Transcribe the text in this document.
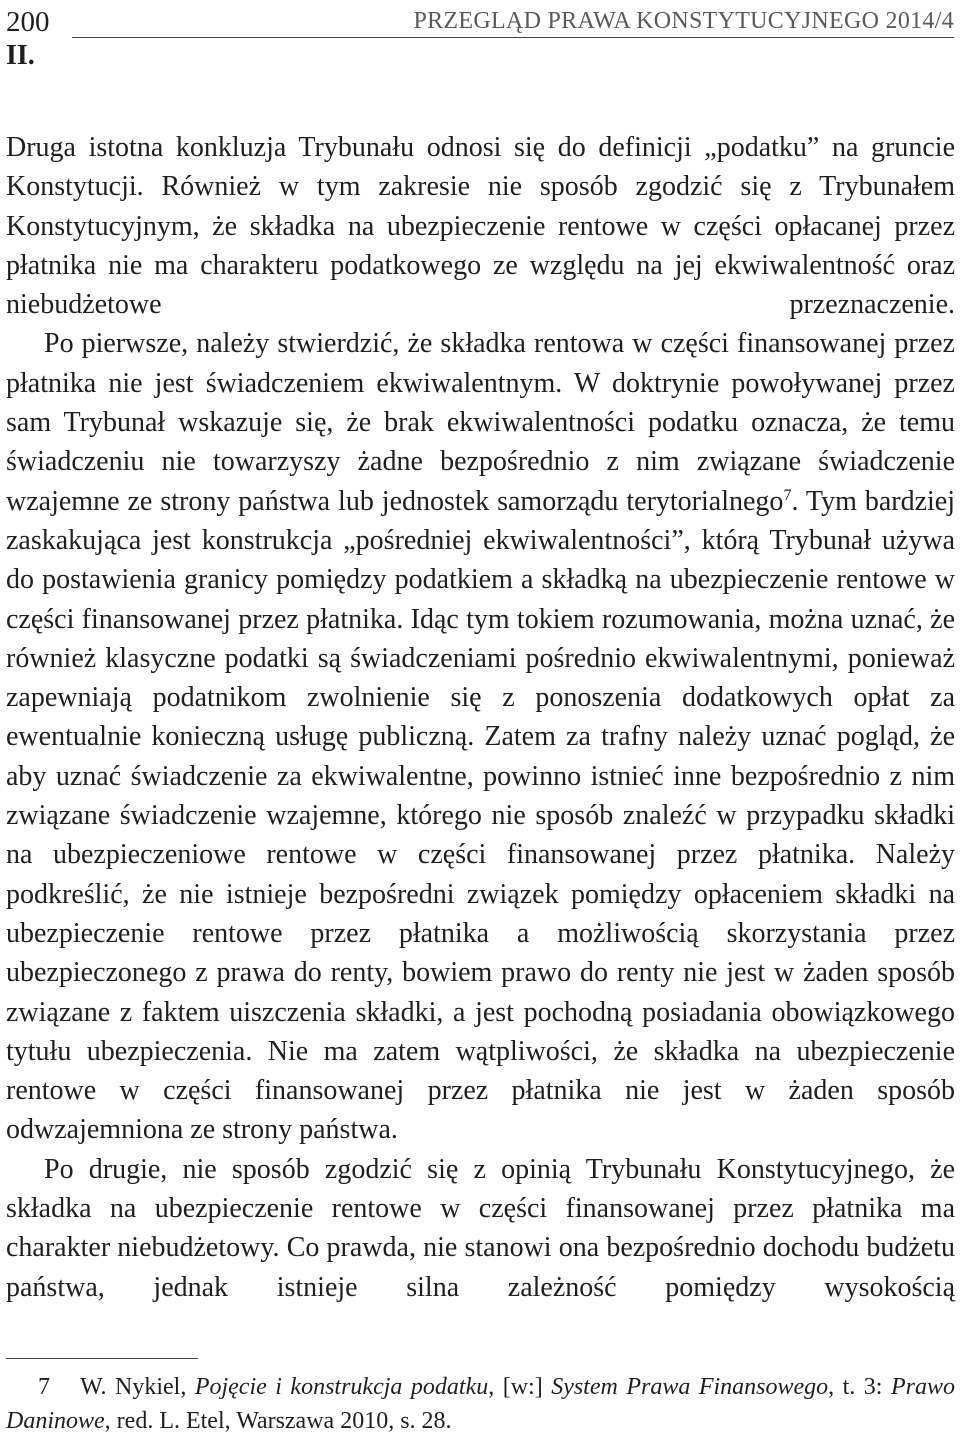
200	PRZEGLĄD PRAWA KONSTYTUCYJNEGO 2014/4
II.

Druga istotna konkluzja Trybunału odnosi się do definicji „podatku” na gruncie Konstytucji. Również w tym zakresie nie sposób zgodzić się z Trybunałem Konstytucyjnym, że składka na ubezpieczenie rentowe w części opłacanej przez płatnika nie ma charakteru podatkowego ze względu na jej ekwiwalentność oraz niebudżetowe przeznaczenie.

Po pierwsze, należy stwierdzić, że składka rentowa w części finansowanej przez płatnika nie jest świadczeniem ekwiwalentnym. W doktrynie powoływanej przez sam Trybunał wskazuje się, że brak ekwiwalentności podatku oznacza, że temu świadczeniu nie towarzyszy żadne bezpośrednio z nim związane świadczenie wzajemne ze strony państwa lub jednostek samorządu terytorialnego$^7$. Tym bardziej zaskakująca jest konstrukcja „pośredniej ekwiwalentności”, którą Trybunał używa do postawienia granicy pomiędzy podatkiem a składką na ubezpieczenie rentowe w części finansowanej przez płatnika. Idąc tym tokiem rozumowania, można uznać, że również klasyczne podatki są świadczeniami pośrednio ekwiwalentnymi, ponieważ zapewniają podatnikom zwolnienie się z ponoszenia dodatkowych opłat za ewentualnie konieczną usługę publiczną. Zatem za trafny należy uznać pogląd, że aby uznać świadczenie za ekwiwalentne, powinno istnieć inne bezpośrednio z nim związane świadczenie wzajemne, którego nie sposób znaleźć w przypadku składki na ubezpieczeniowe rentowe w części finansowanej przez płatnika. Należy podkreślić, że nie istnieje bezpośredni związek pomiędzy opłaceniem składki na ubezpieczenie rentowe przez płatnika a możliwością skorzystania przez ubezpieczonego z prawa do renty, bowiem prawo do renty nie jest w żaden sposób związane z faktem uiszczenia składki, a jest pochodną posiadania obowiązkowego tytułu ubezpieczenia. Nie ma zatem wątpliwości, że składka na ubezpieczenie rentowe w części finansowanej przez płatnika nie jest w żaden sposób odwzajemniona ze strony państwa.

Po drugie, nie sposób zgodzić się z opinią Trybunału Konstytucyjnego, że składka na ubezpieczenie rentowe w części finansowanej przez płatnika ma charakter niebudżetowy. Co prawda, nie stanowi ona bezpośrednio dochodu budżetu państwa, jednak istnieje silna zależność pomiędzy wysokością

7 W. Nykiel, Pojęcie i konstrukcja podatku, [w:] System Prawa Finansowego, t. 3: Prawo Daninowe, red. L. Etel, Warszawa 2010, s. 28.
